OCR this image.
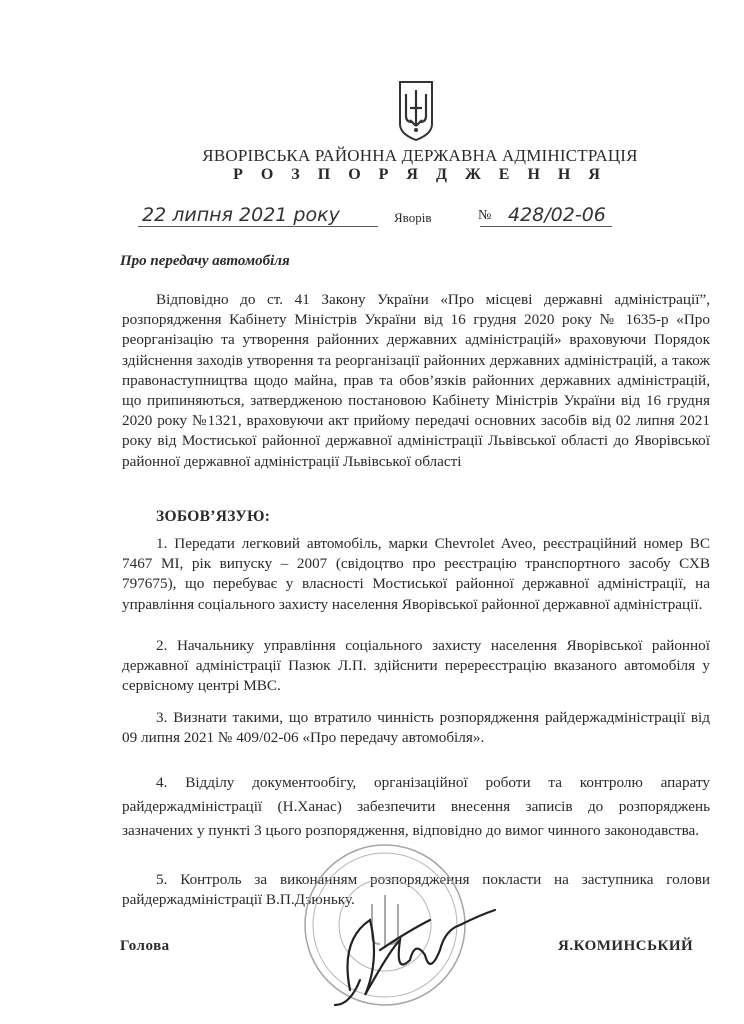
ЯВОРІВСЬКА РАЙОННА ДЕРЖАВНА АДМІНІСТРАЦІЯ
Р О З П О Р Я Д Ж Е Н Н Я
22 липня 2021 року	Яворів	№ 428/02-06
Про передачу автомобіля
Відповідно до ст. 41 Закону України «Про місцеві державні адміністрації”, розпорядження Кабінету Міністрів України від 16 грудня 2020 року № 1635-р «Про реорганізацію та утворення районних державних адміністрацій» враховуючи Порядок здійснення заходів утворення та реорганізації районних державних адміністрацій, а також правонаступництва щодо майна, прав та обов’язків районних державних адміністрацій, що припиняються, затвердженою постановою Кабінету Міністрів України від 16 грудня 2020 року №1321, враховуючи акт прийому передачі основних засобів від 02 липня 2021 року від Мостиської районної державної адміністрації Львівської області до Яворівської районної державної адміністрації Львівської області
ЗОБОВ’ЯЗУЮ:
1. Передати легковий автомобіль, марки Chevrolet Aveo, реєстраційний номер ВС 7467 МІ, рік випуску – 2007 (свідоцтво про реєстрацію транспортного засобу СХВ 797675), що перебуває у власності Мостиської районної державної адміністрації, на управління соціального захисту населення Яворівської районної державної адміністрації.
2. Начальнику управління соціального захисту населення Яворівської районної державної адміністрації Пазюк Л.П. здійснити перереєстрацію вказаного автомобіля у сервісному центрі МВС.
3. Визнати такими, що втратило чинність розпорядження райдержадміністрації від 09 липня 2021 № 409/02-06 «Про передачу автомобіля».
4. Відділу документообігу, організаційної роботи та контролю апарату райдержадміністрації (Н.Ханас) забезпечити внесення записів до розпоряджень зазначених у пункті 3 цього розпорядження, відповідно до вимог чинного законодавства.
5. Контроль за виконанням розпорядження покласти на заступника голови райдержадміністрації В.П.Дзюньку.
Голова	Я.КОМИНСЬКИЙ
